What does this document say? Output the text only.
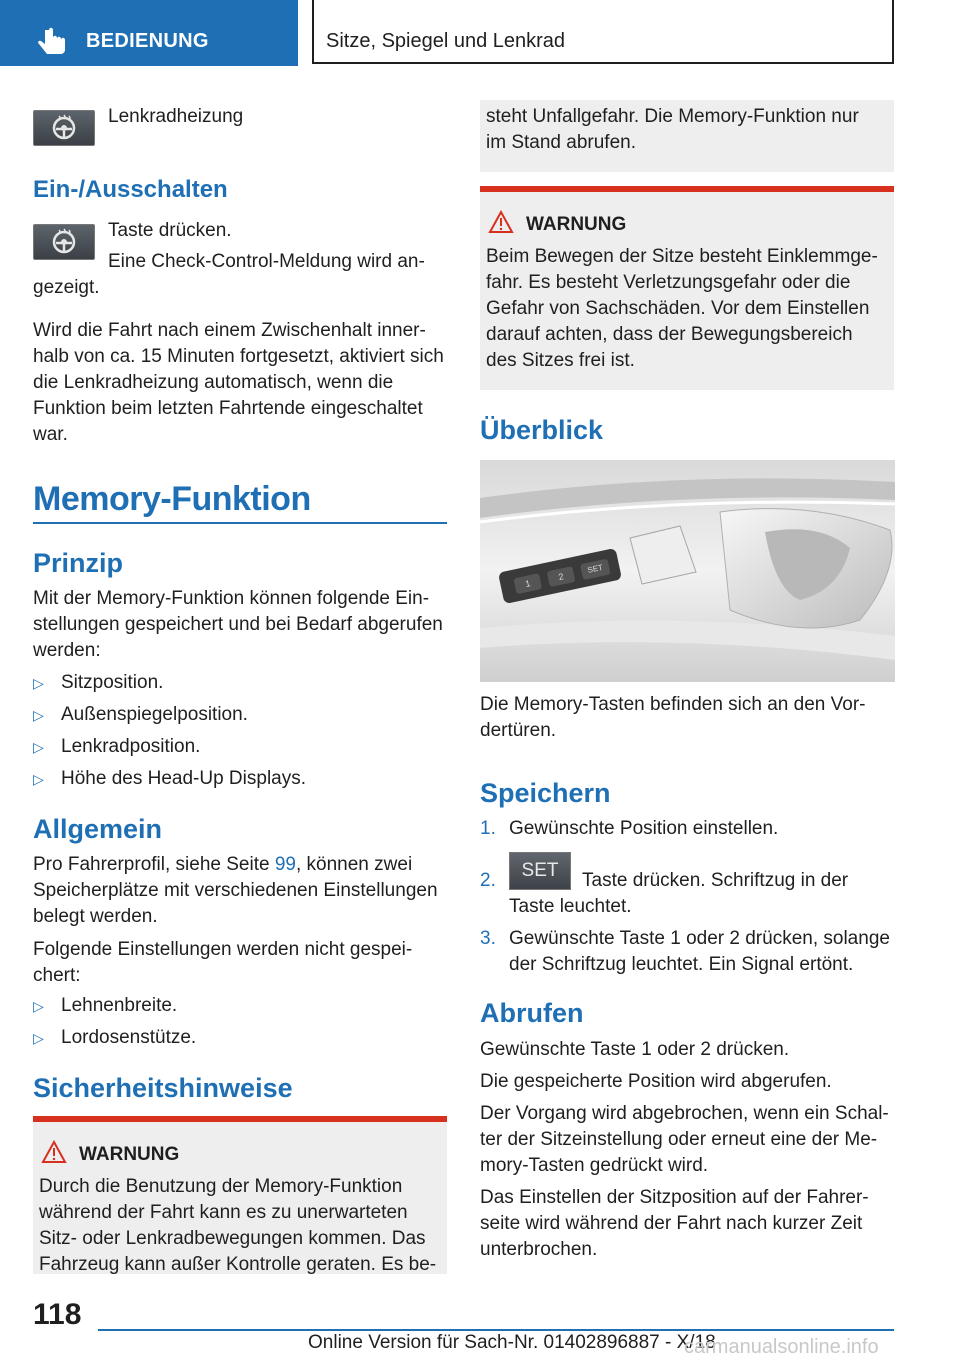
BEDIENUNG	Sitze, Spiegel und Lenkrad
Lenkradheizung
Ein-/Ausschalten
Taste drücken.
Eine Check-Control-Meldung wird an-
gezeigt.
Wird die Fahrt nach einem Zwischenhalt inner-
halb von ca. 15 Minuten fortgesetzt, aktiviert sich
die Lenkradheizung automatisch, wenn die
Funktion beim letzten Fahrtende eingeschaltet
war.
Memory-Funktion
Prinzip
Mit der Memory-Funktion können folgende Ein-
stellungen gespeichert und bei Bedarf abgerufen
werden:
▷ Sitzposition.
▷ Außenspiegelposition.
▷ Lenkradposition.
▷ Höhe des Head-Up Displays.
Allgemein
Pro Fahrerprofil, siehe Seite 99, können zwei
Speicherplätze mit verschiedenen Einstellungen
belegt werden.
Folgende Einstellungen werden nicht gespei-
chert:
▷ Lehnenbreite.
▷ Lordosenstütze.
Sicherheitshinweise
WARNUNG
Durch die Benutzung der Memory-Funktion
während der Fahrt kann es zu unerwarteten
Sitz- oder Lenkradbewegungen kommen. Das
Fahrzeug kann außer Kontrolle geraten. Es be-
steht Unfallgefahr. Die Memory-Funktion nur
im Stand abrufen.
WARNUNG
Beim Bewegen der Sitze besteht Einklemmge-
fahr. Es besteht Verletzungsgefahr oder die
Gefahr von Sachschäden. Vor dem Einstellen
darauf achten, dass der Bewegungsbereich
des Sitzes frei ist.
Überblick
1
2
SET
Die Memory-Tasten befinden sich an den Vor-
dertüren.
Speichern
1. Gewünschte Position einstellen.
2.	SET	Taste drücken. Schriftzug in der
Taste leuchtet.
3. Gewünschte Taste 1 oder 2 drücken, solange
der Schriftzug leuchtet. Ein Signal ertönt.
Abrufen
Gewünschte Taste 1 oder 2 drücken.
Die gespeicherte Position wird abgerufen.
Der Vorgang wird abgebrochen, wenn ein Schal-
ter der Sitzeinstellung oder erneut eine der Me-
mory-Tasten gedrückt wird.
Das Einstellen der Sitzposition auf der Fahrer-
seite wird während der Fahrt nach kurzer Zeit
unterbrochen.
118
Online Version für Sach-Nr. 01402896887 - X/18
carmanualsonline.info
